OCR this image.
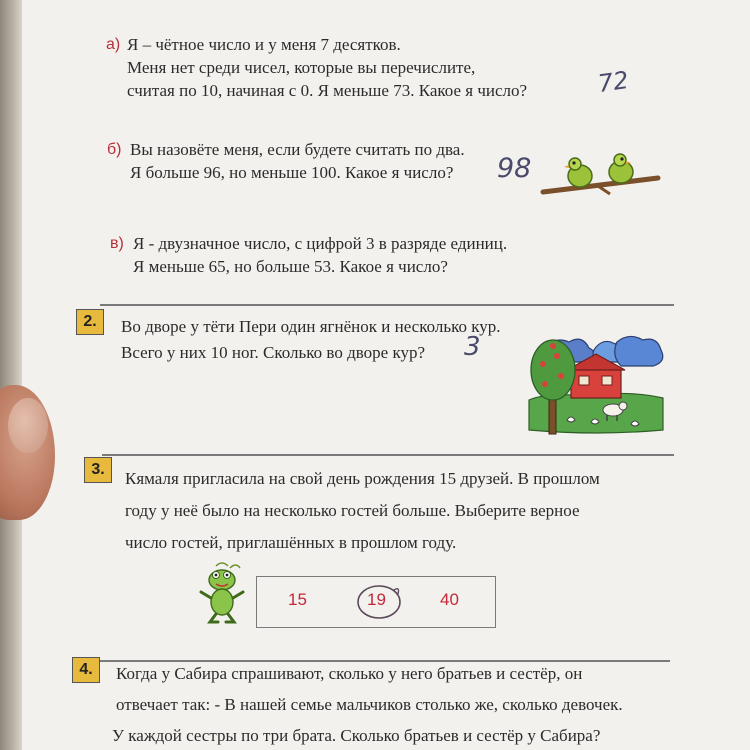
а) Я – чётное число и у меня 7 десятков.
Меня нет среди чисел, которые вы перечислите,
считая по 10, начиная с 0. Я меньше 73. Какое я число?	72
б) Вы назовёте меня, если будете считать по два.
Я больше 96, но меньше 100. Какое я число? 98
в) Я - двузначное число, с цифрой 3 в разряде единиц.
Я меньше 65, но больше 53. Какое я число?
2.	Во дворе у тёти Пери один ягнёнок и несколько кур.
Всего у них 10 ног. Сколько во дворе кур? 3
3.	Кямаля пригласила на свой день рождения 15 друзей. В прошлом
году у неё было на несколько гостей больше. Выберите верное
число гостей, приглашённых в прошлом году.
15	19	40
4.	Когда у Сабира спрашивают, сколько у него братьев и сестёр, он
отвечает так: - В нашей семье мальчиков столько же, сколько девочек.
У каждой сестры по три брата. Сколько братьев и сестёр у Сабира?
